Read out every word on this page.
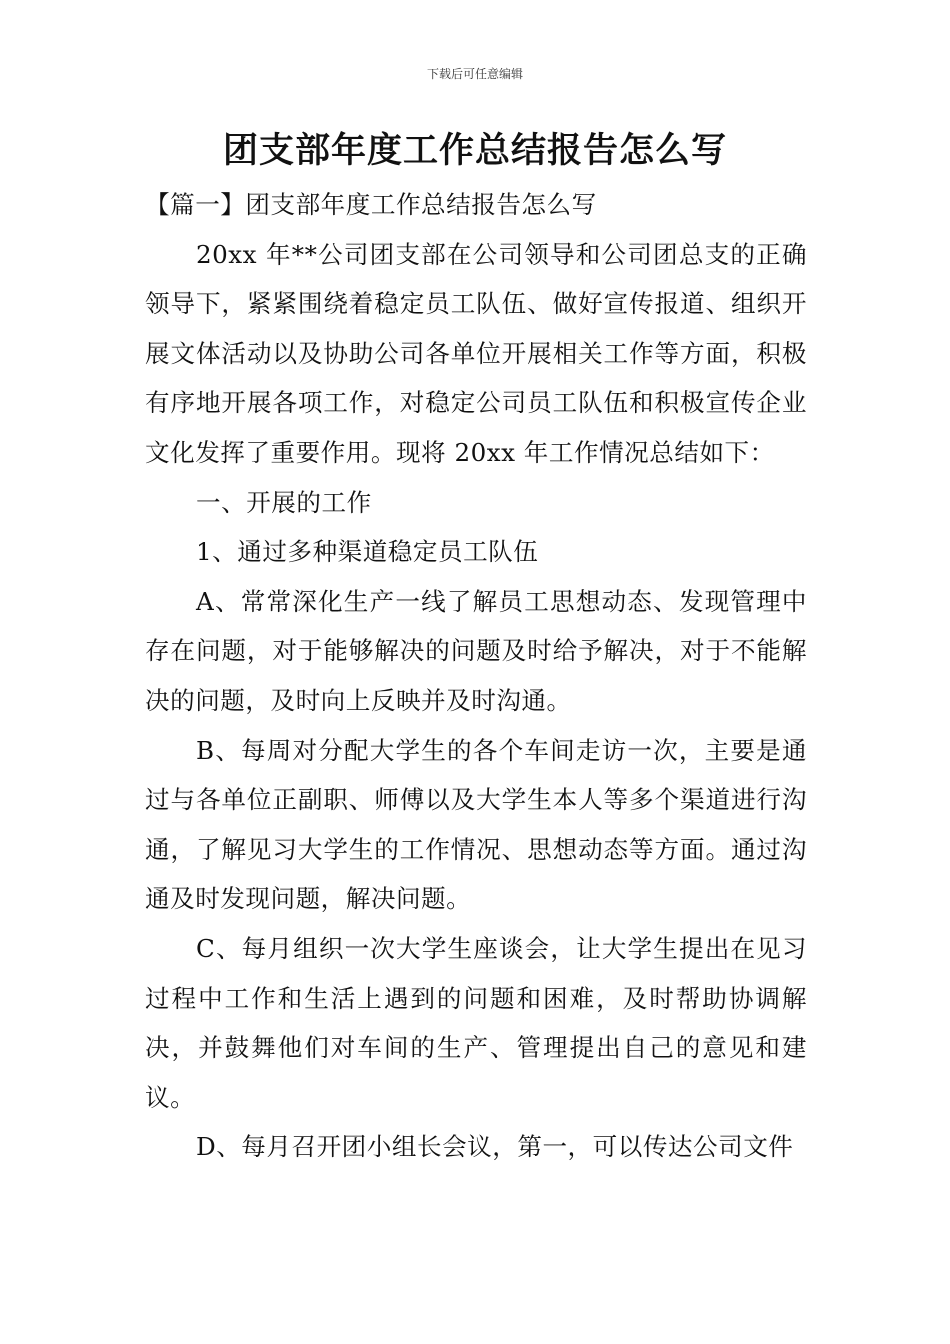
下载后可任意编辑
团支部年度工作总结报告怎么写

【篇一】团支部年度工作总结报告怎么写

20xx 年**公司团支部在公司领导和公司团总支的正确领导下，紧紧围绕着稳定员工队伍、做好宣传报道、组织开展文体活动以及协助公司各单位开展相关工作等方面，积极有序地开展各项工作，对稳定公司员工队伍和积极宣传企业文化发挥了重要作用。现将 20xx 年工作情况总结如下：

一、开展的工作

1、通过多种渠道稳定员工队伍

A、常常深化生产一线了解员工思想动态、发现管理中存在问题，对于能够解决的问题及时给予解决，对于不能解决的问题，及时向上反映并及时沟通。

B、每周对分配大学生的各个车间走访一次，主要是通过与各单位正副职、师傅以及大学生本人等多个渠道进行沟通，了解见习大学生的工作情况、思想动态等方面。通过沟通及时发现问题，解决问题。

C、每月组织一次大学生座谈会，让大学生提出在见习过程中工作和生活上遇到的问题和困难，及时帮助协调解决，并鼓舞他们对车间的生产、管理提出自己的意见和建议。

D、每月召开团小组长会议，第一，可以传达公司文件
